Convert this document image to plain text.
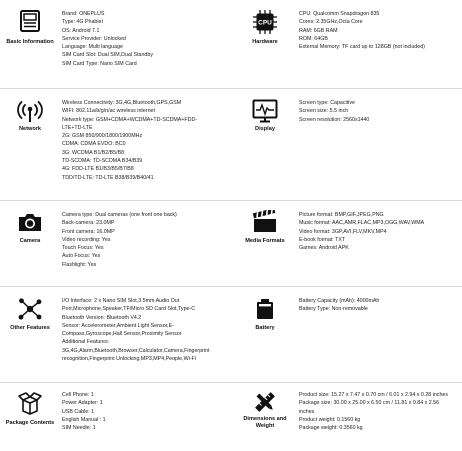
Basic Information
Brand: ONEPLUS
Type: 4G Phablet
OS: Android 7.1
Service Provider: Unlocked
Language: Multi language
SIM Card Slot: Dual SIM,Dual Standby
SIM Card Type: Nano SIM Card
CPU
Hardware
CPU: Qualcomm Snapdragon 835
Cores: 2.35GHz,Octa Core
RAM: 6GB RAM
ROM: 64GB
External Memory: TF card up to 128GB (not included)
Network
Wireless Connectivity: 3G,4G,Bluetooth,GPS,GSM
WIFI: 802.11a/b/g/n/ac wireless internet
Network type: GSM+CDMA+WCDMA+TD-SCDMA+FDD-
LTE+TD-LTE
2G: GSM 850/900/1800/1900MHz
CDMA: CDMA EVDO: BC0
3G: WCDMA B1/B2/B5/B8
TD-SCDMA: TD-SCDMA B34/B39
4G: FDD-LTE B1/B3/B5/B7/B8
TDD/TD-LTE: TD-LTE B38/B39/B40/41
Display
Screen type: Capacitive
Screen size: 5.5 inch
Screen resolution: 2560x1440
Camera
Camera type: Dual cameras (one front one back)
Back-camera: 23.0MP
Front camera: 16.0MP
Video recording: Yes
Touch Focus: Yes
Auto Focus: Yes
Flashlight: Yes
Media Formats
Picture format: BMP,GIF,JPEG,PNG
Music format: AAC,AMR,FLAC,MP3,OGG,WAV,WMA
Video format: 3GP,AVI,FLV,MKV,MP4
E-book format: TXT
Games: Android APK
Other Features
I/O Interface: 2 x Nano SIM Slot,3.5mm Audio Out
Port,Microphone,Speaker,TF/Micro SD Card Slot,Type-C
Bluetooth Version: Bluetooth V4.2
Sensor: Accelerometer,Ambient Light Sensor,E-
Compass,Gyroscope,Hall Sensor,Proximity Sensor
Additional Features:
3G,4G,Alarm,Bluetooth,Browser,Calculator,Camera,Fingerprint
recognition,Fingerprint Unlocking,MP3,MP4,People,Wi-Fi
Battery
Battery Capacity (mAh): 4000mAh
Battery Type: Non-removable
Package Contents
Cell Phone: 1
Power Adapter: 1
USB Cable: 1
English Manual : 1
SIM Needle: 1
Dimensions and
Weight
Product size: 15.27 x 7.47 x 0.70 cm / 6.01 x 2.94 x 0.28 inches
Package size: 30.00 x 25.00 x 6.50 cm / 11.81 x 9.84 x 2.56
inches
Product weight: 0.1560 kg
Package weight: 0.3560 kg
